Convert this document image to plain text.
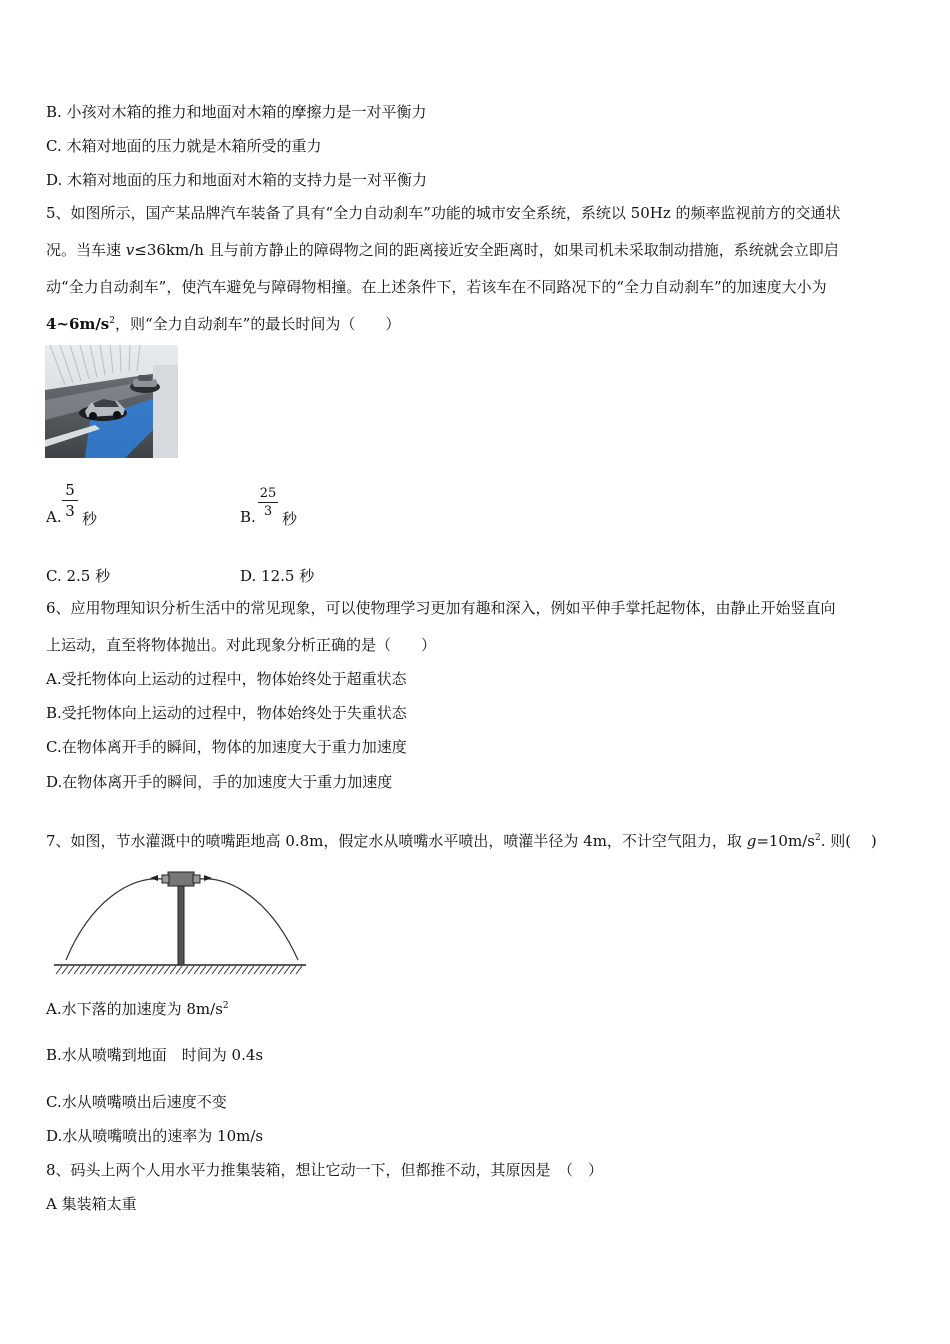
B. 小孩对木箱的推力和地面对木箱的摩擦力是一对平衡力
C. 木箱对地面的压力就是木箱所受的重力
D. 木箱对地面的压力和地面对木箱的支持力是一对平衡力
5、如图所示，国产某品牌汽车装备了具有“全力自动刹车”功能的城市安全系统，系统以 50Hz 的频率监视前方的交通状
况。当车速 v≤36km/h 且与前方静止的障碍物之间的距离接近安全距离时，如果司机未采取制动措施，系统就会立即启
动“全力自动刹车”，使汽车避免与障碍物相撞。在上述条件下，若该车在不同路况下的“全力自动刹车”的加速度大小为
$4\sim 6m/s^2$，则“全力自动刹车”的最长时间为（　　）
A. $\frac{5}{3}$ 秒	B. $\frac{25}{3}$ 秒
C. 2.5 秒	D. 12.5 秒
6、应用物理知识分析生活中的常见现象，可以使物理学习更加有趣和深入，例如平伸手掌托起物体，由静止开始竖直向
上运动，直至将物体抛出。对此现象分析正确的是（　　）
A.受托物体向上运动的过程中，物体始终处于超重状态
B.受托物体向上运动的过程中，物体始终处于失重状态
C.在物体离开手的瞬间，物体的加速度大于重力加速度
D.在物体离开手的瞬间，手的加速度大于重力加速度
7、如图，节水灌溉中的喷嘴距地高 0.8m，假定水从喷嘴水平喷出，喷灌半径为 4m，不计空气阻力，取 $g=10m/s^2$. 则(　 )
A.水下落的加速度为 $8m/s^2$
B.水从喷嘴到地面　时间为 0.4s
C.水从喷嘴喷出后速度不变
D.水从喷嘴喷出的速率为 10m/s
8、码头上两个人用水平力推集装箱，想让它动一下，但都推不动，其原因是　（　）
A 集装箱太重
